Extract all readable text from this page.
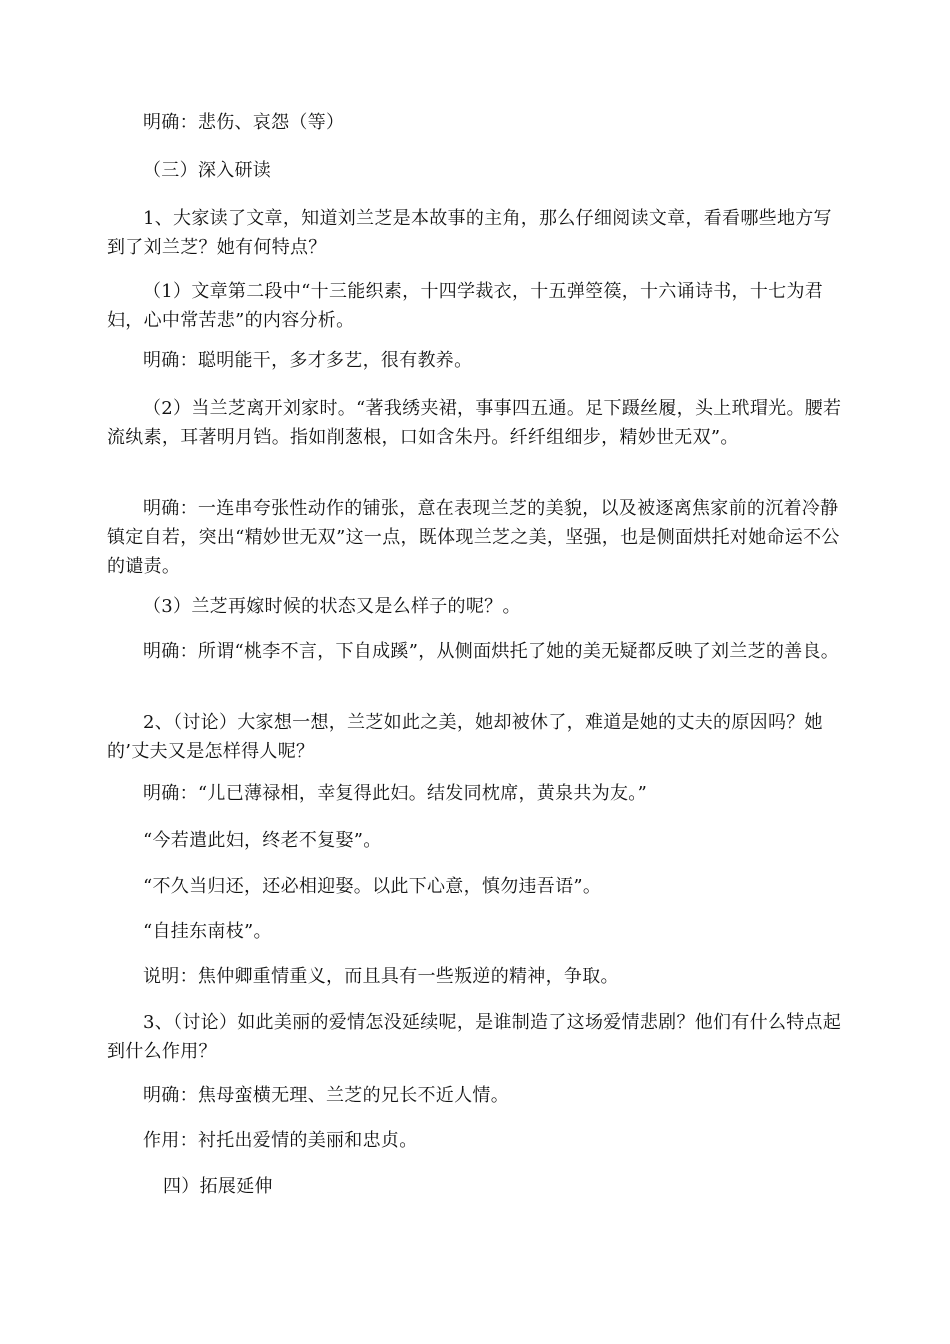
明确：悲伤、哀怨（等）

（三）深入研读

1、大家读了文章，知道刘兰芝是本故事的主角，那么仔细阅读文章，看看哪些地方写到了刘兰芝？她有何特点？

（1）文章第二段中“十三能织素，十四学裁衣，十五弹箜篌，十六诵诗书，十七为君妇，心中常苦悲”的内容分析。

明确：聪明能干，多才多艺，很有教养。

（2）当兰芝离开刘家时。“著我绣夹裙，事事四五通。足下蹑丝履，头上玳瑁光。腰若流纨素，耳著明月铛。指如削葱根，口如含朱丹。纤纤组细步，精妙世无双”。

明确：一连串夸张性动作的铺张，意在表现兰芝的美貌，以及被逐离焦家前的沉着冷静镇定自若，突出“精妙世无双”这一点，既体现兰芝之美，坚强，也是侧面烘托对她命运不公的谴责。

（3）兰芝再嫁时候的状态又是么样子的呢？。

明确：所谓“桃李不言，下自成蹊”，从侧面烘托了她的美无疑都反映了刘兰芝的善良。

2、（讨论）大家想一想，兰芝如此之美，她却被休了，难道是她的丈夫的原因吗？她的’丈夫又是怎样得人呢？

明确：“儿已薄禄相，幸复得此妇。结发同枕席，黄泉共为友。”

“今若遣此妇，终老不复娶”。

“不久当归还，还必相迎娶。以此下心意，慎勿违吾语”。

“自挂东南枝”。

说明：焦仲卿重情重义，而且具有一些叛逆的精神，争取。

3、（讨论）如此美丽的爱情怎没延续呢，是谁制造了这场爱情悲剧？他们有什么特点起到什么作用？

明确：焦母蛮横无理、兰芝的兄长不近人情。

作用：衬托出爱情的美丽和忠贞。

四）拓展延伸
